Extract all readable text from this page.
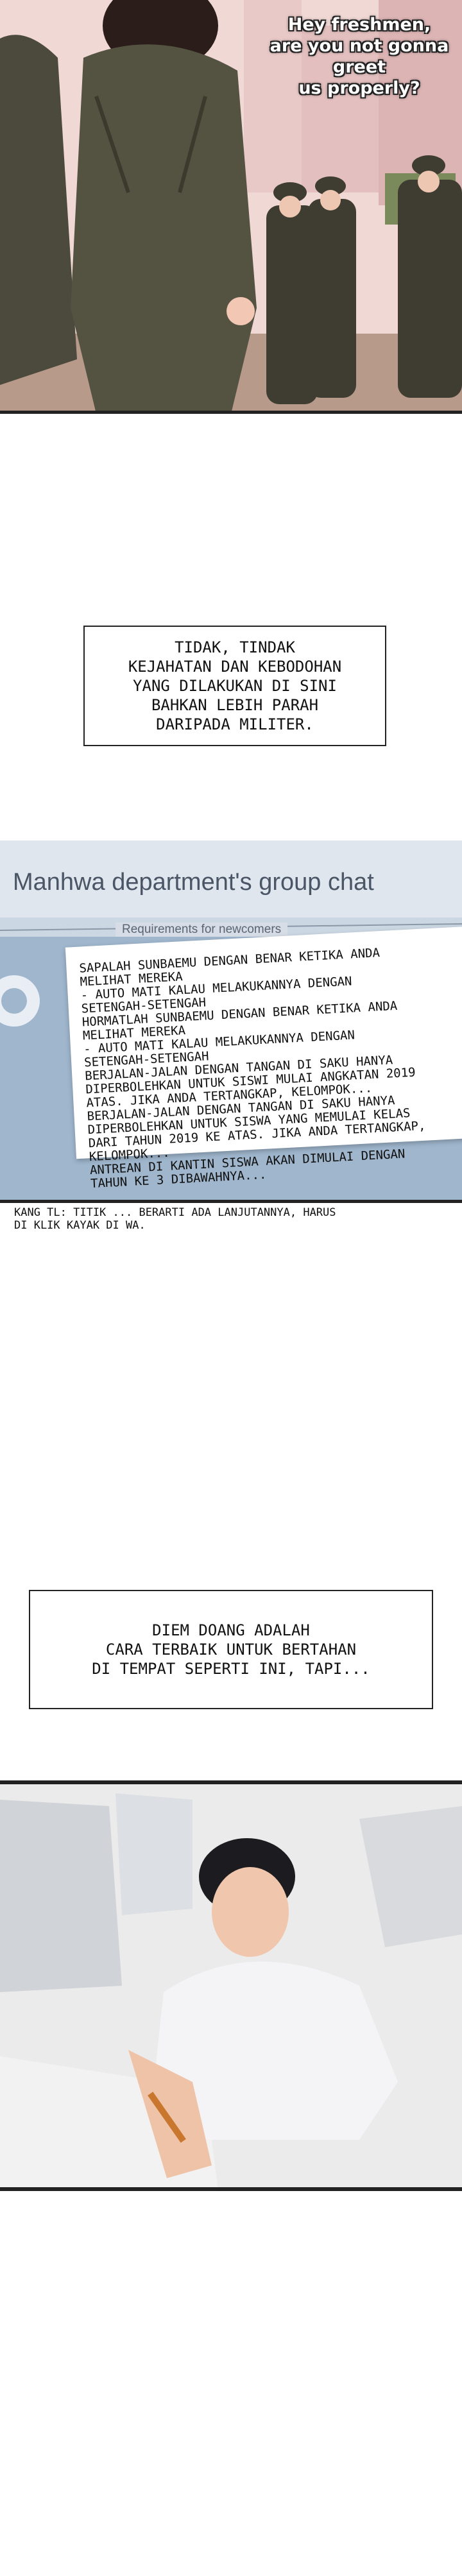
Hey freshmen,
are you not gonna greet
us properly?
TIDAK, TINDAK
KEJAHATAN DAN KEBODOHAN
YANG DILAKUKAN DI SINI
BAHKAN LEBIH PARAH
DARIPADA MILITER.
Manhwa department's group chat
Requirements for newcomers
SAPALAH SUNBAEMU DENGAN BENAR KETIKA ANDA
MELIHAT MEREKA
- AUTO MATI KALAU MELAKUKANNYA DENGAN
SETENGAH-SETENGAH
HORMATLAH SUNBAEMU DENGAN BENAR KETIKA ANDA
MELIHAT MEREKA
- AUTO MATI KALAU MELAKUKANNYA DENGAN
SETENGAH-SETENGAH
BERJALAN-JALAN DENGAN TANGAN DI SAKU HANYA
DIPERBOLEHKAN UNTUK SISWI MULAI ANGKATAN 2019
ATAS. JIKA ANDA TERTANGKAP, KELOMPOK...
BERJALAN-JALAN DENGAN TANGAN DI SAKU HANYA
DIPERBOLEHKAN UNTUK SISWA YANG MEMULAI KELAS
DARI TAHUN 2019 KE ATAS. JIKA ANDA TERTANGKAP,
KELOMPOK...
ANTREAN DI KANTIN SISWA AKAN DIMULAI DENGAN
TAHUN KE 3 DIBAWAHNYA...
KANG TL: TITIK ... BERARTI ADA LANJUTANNYA, HARUS
DI KLIK KAYAK DI WA.
DIEM DOANG ADALAH
CARA TERBAIK UNTUK BERTAHAN
DI TEMPAT SEPERTI INI, TAPI...
